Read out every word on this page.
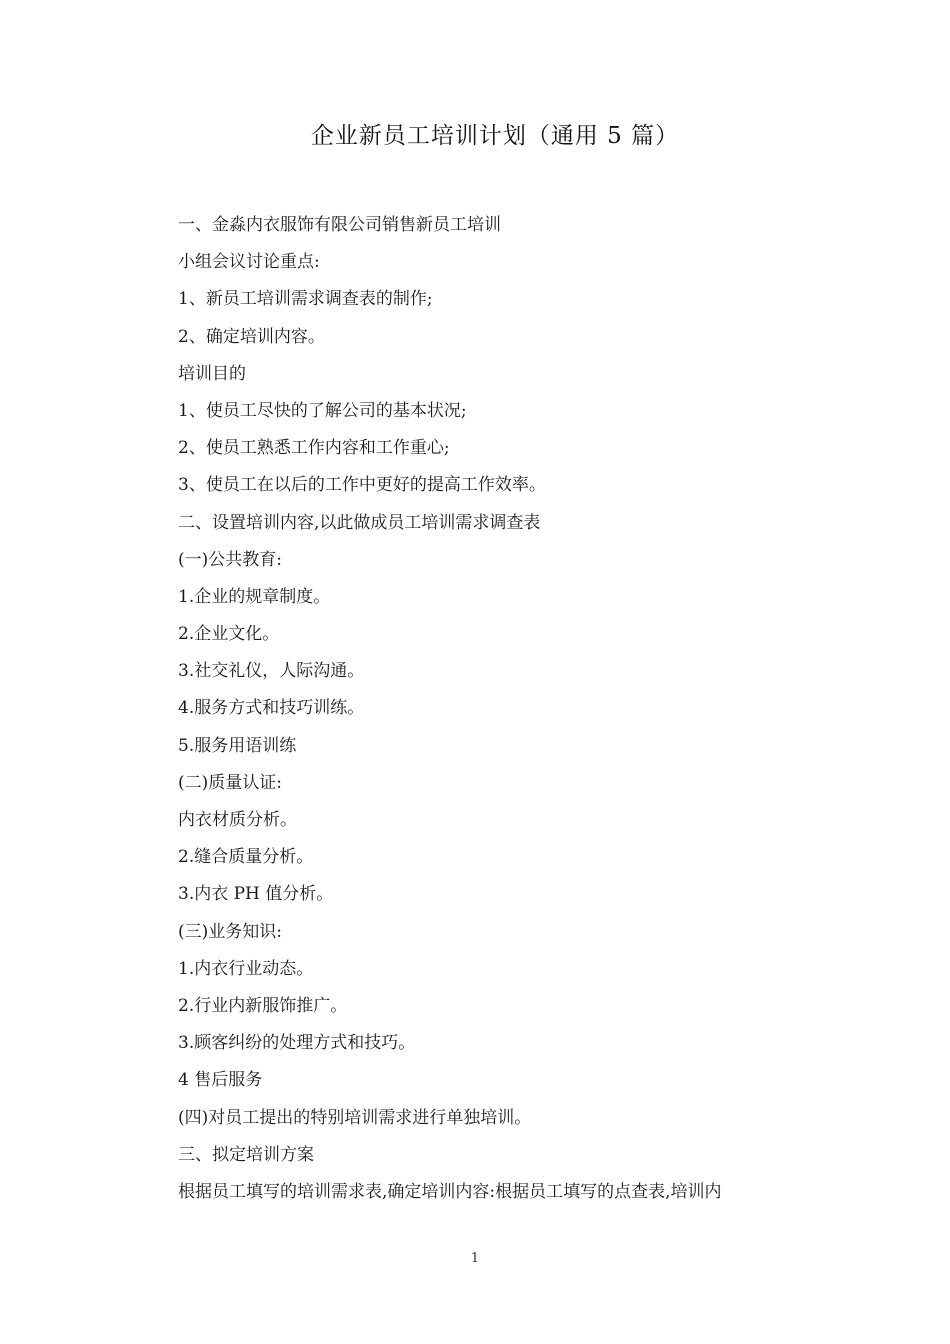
企业新员工培训计划（通用 5 篇）
一、金淼内衣服饰有限公司销售新员工培训
小组会议讨论重点:
1、新员工培训需求调查表的制作;
2、确定培训内容。
培训目的
1、使员工尽快的了解公司的基本状况;
2、使员工熟悉工作内容和工作重心;
3、使员工在以后的工作中更好的提高工作效率。
二、设置培训内容,以此做成员工培训需求调查表
(一)公共教育:
1.企业的规章制度。
2.企业文化。
3.社交礼仪，人际沟通。
4.服务方式和技巧训练。
5.服务用语训练
(二)质量认证:
内衣材质分析。
2.缝合质量分析。
3.内衣 PH 值分析。
(三)业务知识:
1.内衣行业动态。
2.行业内新服饰推广。
3.顾客纠纷的处理方式和技巧。
4 售后服务
(四)对员工提出的特别培训需求进行单独培训。
三、拟定培训方案
根据员工填写的培训需求表,确定培训内容:根据员工填写的点查表,培训内
1
